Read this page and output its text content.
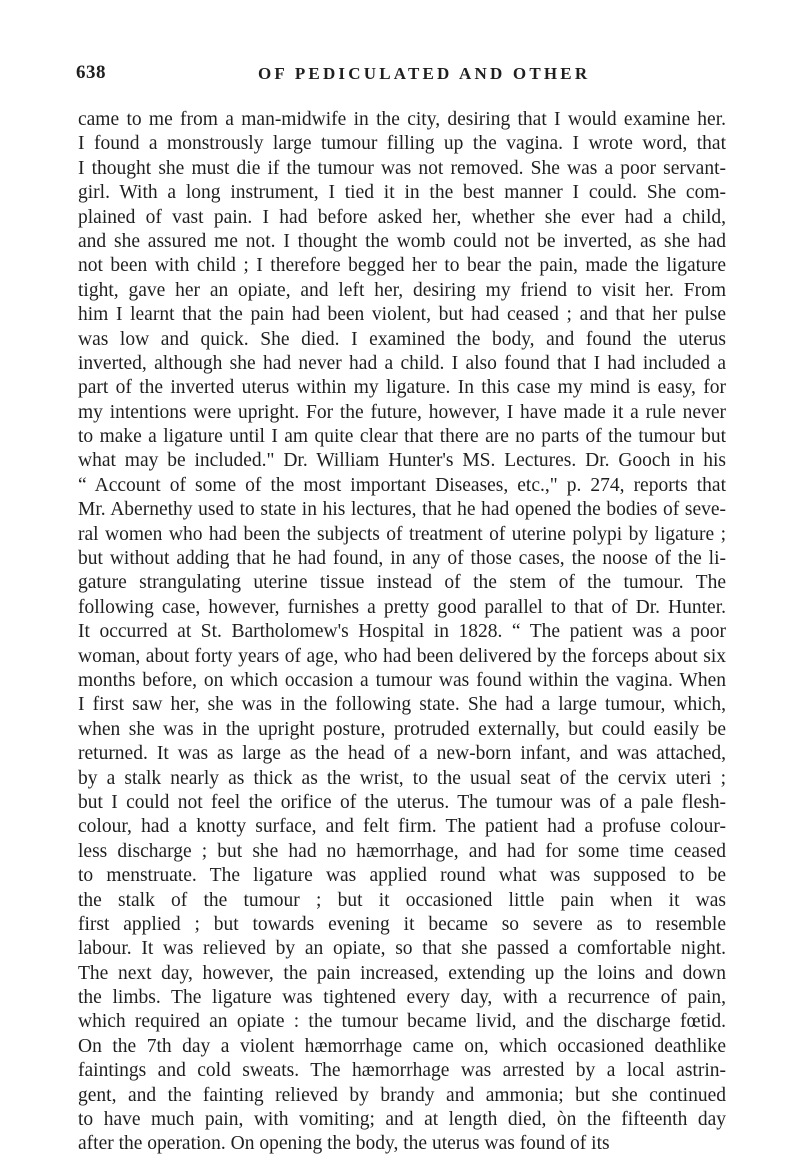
638	OF PEDICULATED AND OTHER
came to me from a man-midwife in the city, desiring that I would examine her.
I found a monstrously large tumour filling up the vagina. I wrote word, that
I thought she must die if the tumour was not removed. She was a poor servant-
girl. With a long instrument, I tied it in the best manner I could. She com-
plained of vast pain. I had before asked her, whether she ever had a child,
and she assured me not. I thought the womb could not be inverted, as she had
not been with child ; I therefore begged her to bear the pain, made the ligature
tight, gave her an opiate, and left her, desiring my friend to visit her. From
him I learnt that the pain had been violent, but had ceased ; and that her pulse
was low and quick. She died. I examined the body, and found the uterus
inverted, although she had never had a child. I also found that I had included a
part of the inverted uterus within my ligature. In this case my mind is easy, for
my intentions were upright. For the future, however, I have made it a rule never
to make a ligature until I am quite clear that there are no parts of the tumour but
what may be included." Dr. William Hunter's MS. Lectures. Dr. Gooch in his
“ Account of some of the most important Diseases, etc.," p. 274, reports that
Mr. Abernethy used to state in his lectures, that he had opened the bodies of seve-
ral women who had been the subjects of treatment of uterine polypi by ligature ;
but without adding that he had found, in any of those cases, the noose of the li-
gature strangulating uterine tissue instead of the stem of the tumour. The
following case, however, furnishes a pretty good parallel to that of Dr. Hunter.
It occurred at St. Bartholomew's Hospital in 1828. “ The patient was a poor
woman, about forty years of age, who had been delivered by the forceps about six
months before, on which occasion a tumour was found within the vagina. When
I first saw her, she was in the following state. She had a large tumour, which,
when she was in the upright posture, protruded externally, but could easily be
returned. It was as large as the head of a new-born infant, and was attached,
by a stalk nearly as thick as the wrist, to the usual seat of the cervix uteri ;
but I could not feel the orifice of the uterus. The tumour was of a pale flesh-
colour, had a knotty surface, and felt firm. The patient had a profuse colour-
less discharge ; but she had no hæmorrhage, and had for some time ceased
to menstruate. The ligature was applied round what was supposed to be
the stalk of the tumour ; but it occasioned little pain when it was
first applied ; but towards evening it became so severe as to resemble
labour. It was relieved by an opiate, so that she passed a comfortable night.
The next day, however, the pain increased, extending up the loins and down
the limbs. The ligature was tightened every day, with a recurrence of pain,
which required an opiate : the tumour became livid, and the discharge fœtid.
On the 7th day a violent hæmorrhage came on, which occasioned deathlike
faintings and cold sweats. The hæmorrhage was arrested by a local astrin-
gent, and the fainting relieved by brandy and ammonia; but she continued
to have much pain, with vomiting; and at length died, òn the fifteenth day
after the operation. On opening the body, the uterus was found of its
